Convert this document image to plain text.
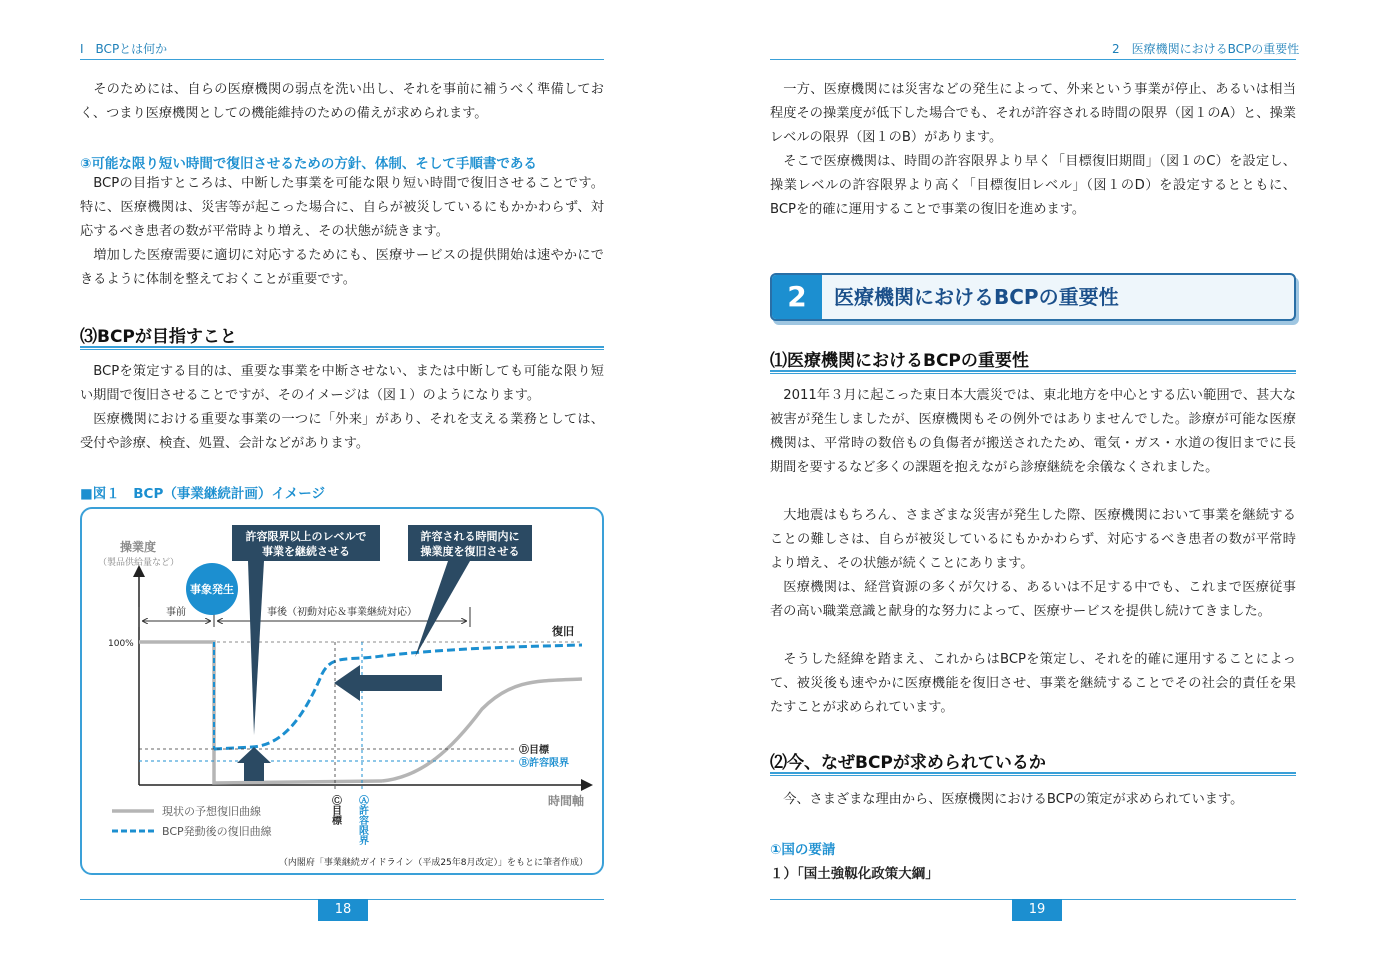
Ⅰ　BCPとは何か

そのためには、自らの医療機関の弱点を洗い出し、それを事前に補うべく準備しておく、つまり医療機関としての機能維持のための備えが求められます。

③可能な限り短い時間で復旧させるための方針、体制、そして手順書である

BCPの目指すところは、中断した事業を可能な限り短い時間で復旧させることです。特に、医療機関は、災害等が起こった場合に、自らが被災しているにもかかわらず、対応するべき患者の数が平常時より増え、その状態が続きます。

増加した医療需要に適切に対応するためにも、医療サービスの提供開始は速やかにできるように体制を整えておくことが重要です。

⑶BCPが目指すこと

BCPを策定する目的は、重要な事業を中断させない、または中断しても可能な限り短い期間で復旧させることですが、そのイメージは（図１）のようになります。

医療機関における重要な事業の一つに「外来」があり、それを支える業務としては、受付や診療、検査、処置、会計などがあります。

■図１　BCP（事業継続計画）イメージ
操業度
（製品供給量など）
100%
事前	事後（初動対応＆事業継続対応）
事象発生
Ⓓ目標
Ⓑ許容限界
Ⓒ目標 Ⓐ許容限界
復旧
時間軸
許容限界以上のレベルで
事業を継続させる
許容される時間内に
操業度を復旧させる
現状の予想復旧曲線
BCP発動後の復旧曲線
（内閣府「事業継続ガイドライン（平成25年8月改定）」をもとに筆者作成）
18
2　医療機関におけるBCPの重要性

一方、医療機関には災害などの発生によって、外来という事業が停止、あるいは相当程度その操業度が低下した場合でも、それが許容される時間の限界（図１のA）と、操業レベルの限界（図１のB）があります。

そこで医療機関は、時間の許容限界より早く「目標復旧期間」（図１のC）を設定し、操業レベルの許容限界より高く「目標復旧レベル」（図１のD）を設定するとともに、BCPを的確に運用することで事業の復旧を進めます。

2	医療機関におけるBCPの重要性
⑴医療機関におけるBCPの重要性

2011年３月に起こった東日本大震災では、東北地方を中心とする広い範囲で、甚大な被害が発生しましたが、医療機関もその例外ではありませんでした。診療が可能な医療機関は、平常時の数倍もの負傷者が搬送されたため、電気・ガス・水道の復旧までに長期間を要するなど多くの課題を抱えながら診療継続を余儀なくされました。

大地震はもちろん、さまざまな災害が発生した際、医療機関において事業を継続することの難しさは、自らが被災しているにもかかわらず、対応するべき患者の数が平常時より増え、その状態が続くことにあります。

医療機関は、経営資源の多くが欠ける、あるいは不足する中でも、これまで医療従事者の高い職業意識と献身的な努力によって、医療サービスを提供し続けてきました。

そうした経緯を踏まえ、これからはBCPを策定し、それを的確に運用することによって、被災後も速やかに医療機能を復旧させ、事業を継続することでその社会的責任を果たすことが求められています。

⑵今、なぜBCPが求められているか

今、さまざまな理由から、医療機関におけるBCPの策定が求められています。

①国の要請
１）「国土強靱化政策大綱」
19
